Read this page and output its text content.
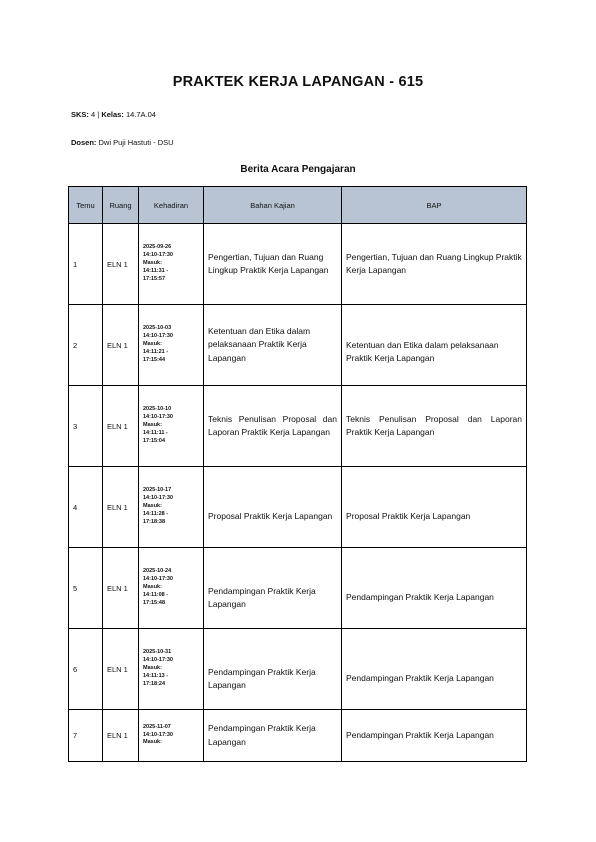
PRAKTEK KERJA LAPANGAN - 615
SKS: 4 | Kelas: 14.7A.04
Dosen: Dwi Puji Hastuti - DSU
Berita Acara Pengajaran
Temu	Ruang	Kehadiran	Bahan Kajian	BAP
1	ELN 1	2025-09-26
14:10-17:30
Masuk:
14:11:31 -
17:15:57	Pengertian, Tujuan dan Ruang Lingkup Praktik Kerja Lapangan	Pengertian, Tujuan dan Ruang Lingkup Praktik Kerja Lapangan
2	ELN 1	2025-10-03
14:10-17:30
Masuk:
14:11:21 -
17:15:44	Ketentuan dan Etika dalam pelaksanaan Praktik Kerja Lapangan	Ketentuan dan Etika dalam pelaksanaan Praktik Kerja Lapangan
3	ELN 1	2025-10-10
14:10-17:30
Masuk:
14:11:11 -
17:15:04	Teknis Penulisan Proposal dan Laporan Praktik Kerja Lapangan	Teknis Penulisan Proposal dan Laporan Praktik Kerja Lapangan
4	ELN 1	2025-10-17
14:10-17:30
Masuk:
14:11:28 -
17:18:38	Proposal Praktik Kerja Lapangan	Proposal Praktik Kerja Lapangan
5	ELN 1	2025-10-24
14:10-17:30
Masuk:
14:11:08 -
17:15:48	Pendampingan Praktik Kerja Lapangan	Pendampingan Praktik Kerja Lapangan
6	ELN 1	2025-10-31
14:10-17:30
Masuk:
14:11:13 -
17:18:24	Pendampingan Praktik Kerja Lapangan	Pendampingan Praktik Kerja Lapangan
7	ELN 1	2025-11-07
14:10-17:30
Masuk:	Pendampingan Praktik Kerja Lapangan	Pendampingan Praktik Kerja Lapangan
